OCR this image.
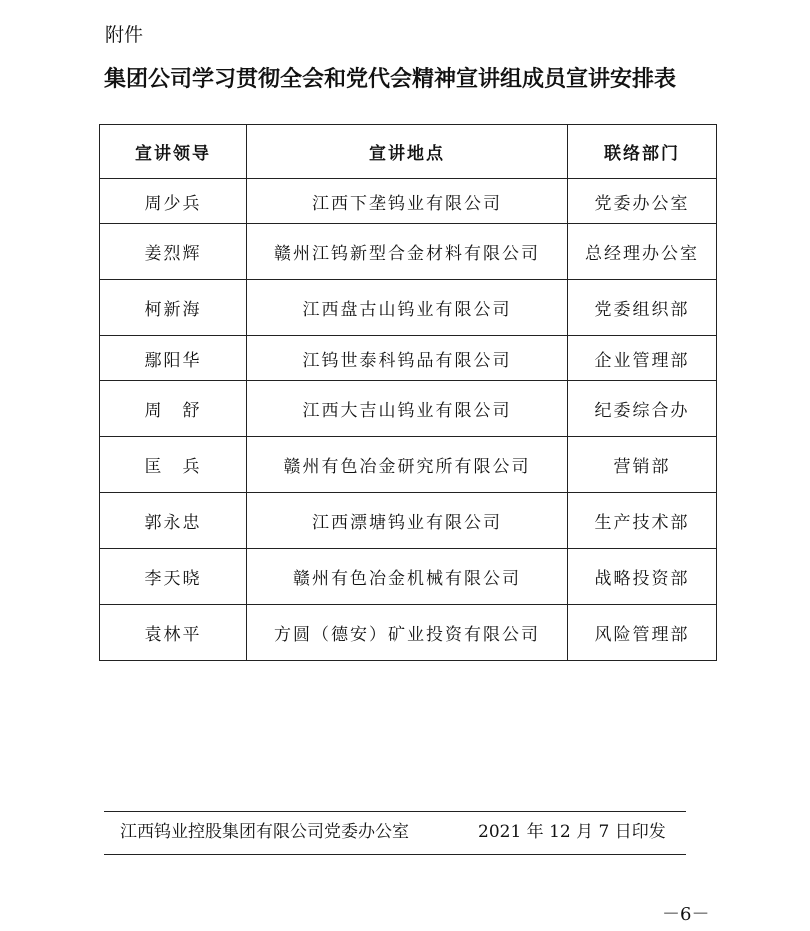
附件
集团公司学习贯彻全会和党代会精神宣讲组成员宣讲安排表
宣讲领导	宣讲地点	联络部门
周少兵	江西下垄钨业有限公司	党委办公室
姜烈辉	赣州江钨新型合金材料有限公司	总经理办公室
柯新海	江西盘古山钨业有限公司	党委组织部
鄢阳华	江钨世泰科钨品有限公司	企业管理部
周　舒	江西大吉山钨业有限公司	纪委综合办
匡　兵	赣州有色冶金研究所有限公司	营销部
郭永忠	江西漂塘钨业有限公司	生产技术部
李天晓	赣州有色冶金机械有限公司	战略投资部
袁林平	方圆（德安）矿业投资有限公司	风险管理部
江西钨业控股集团有限公司党委办公室	2021 年 12 月 7 日印发
－6－
